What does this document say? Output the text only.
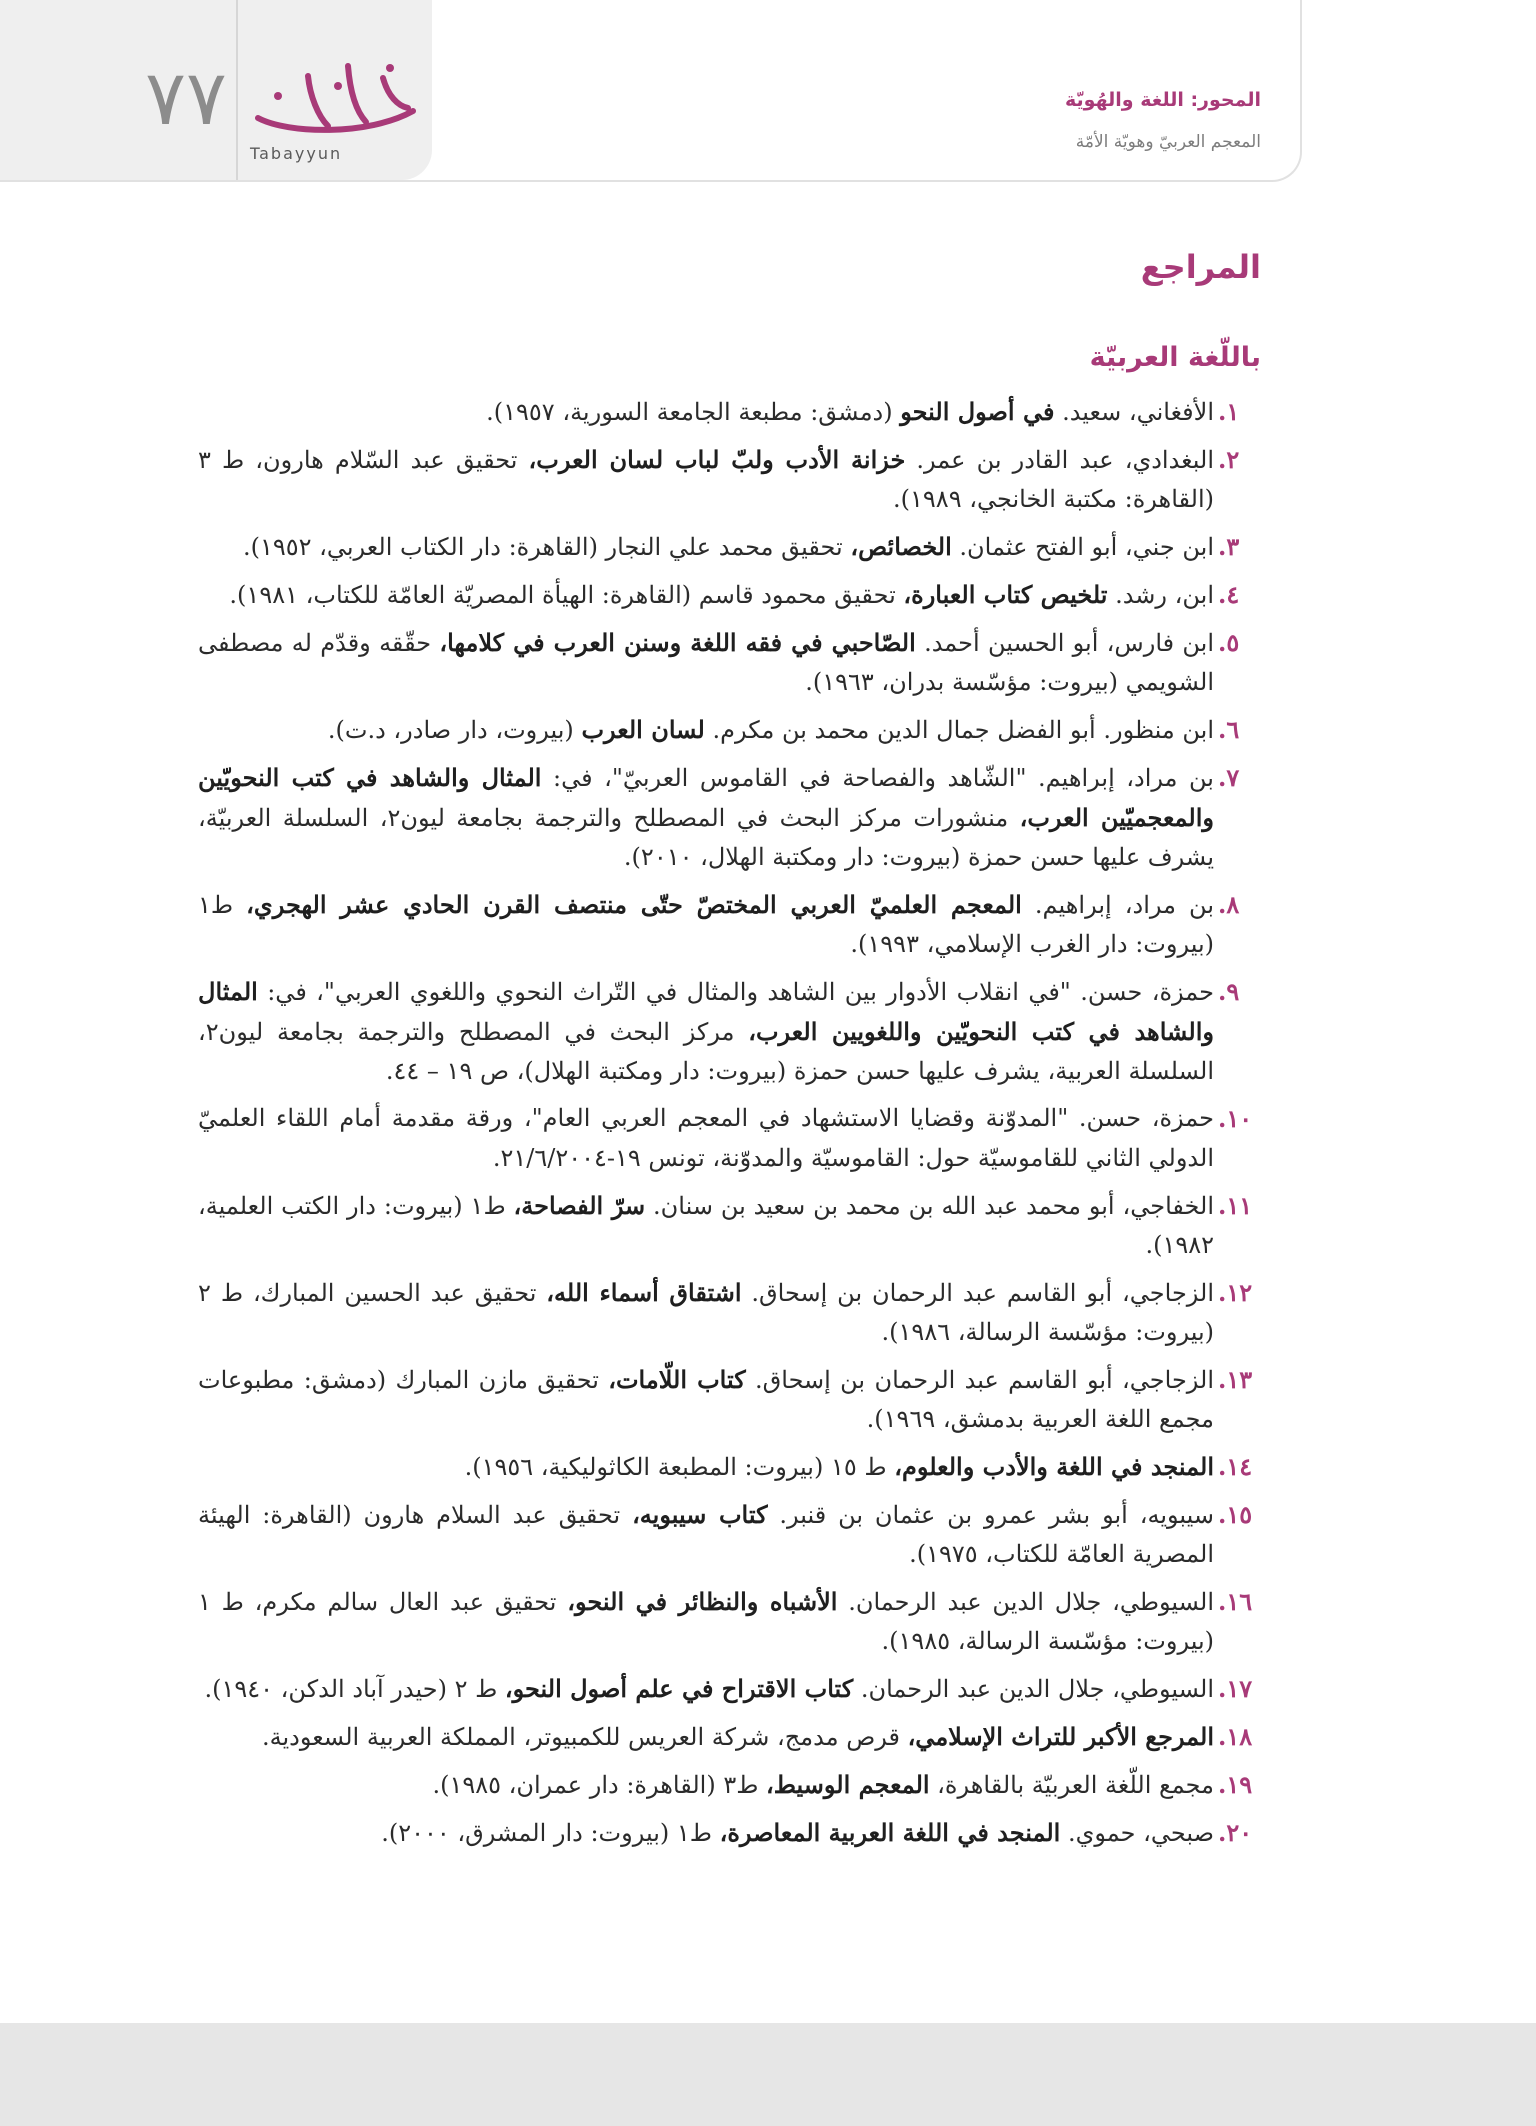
٧٧
Tabayyun
المحور: اللغة والهُويّة
المعجم العربيّ وهويّة الأمّة
المراجع
باللّغة العربيّة
١.
الأفغاني، سعيد. في أصول النحو (دمشق: مطبعة الجامعة السورية، ١٩٥٧).
٢.
البغدادي، عبد القادر بن عمر. خزانة الأدب ولبّ لباب لسان العرب، تحقيق عبد السّلام هارون، ط ٣ (القاهرة: مكتبة الخانجي، ١٩٨٩).
٣.
ابن جني، أبو الفتح عثمان. الخصائص، تحقيق محمد علي النجار (القاهرة: دار الكتاب العربي، ١٩٥٢).
٤.
ابن، رشد. تلخيص كتاب العبارة، تحقيق محمود قاسم (القاهرة: الهيأة المصريّة العامّة للكتاب، ١٩٨١).
٥.
ابن فارس، أبو الحسين أحمد. الصّاحبي في فقه اللغة وسنن العرب في كلامها، حقّقه وقدّم له مصطفى الشويمي (بيروت: مؤسّسة بدران، ١٩٦٣).
٦.
ابن منظور. أبو الفضل جمال الدين محمد بن مكرم. لسان العرب (بيروت، دار صادر، د.ت).
٧.
بن مراد، إبراهيم. "الشّاهد والفصاحة في القاموس العربيّ"، في: المثال والشاهد في كتب النحويّين والمعجميّين العرب، منشورات مركز البحث في المصطلح والترجمة بجامعة ليون٢، السلسلة العربيّة، يشرف عليها حسن حمزة (بيروت: دار ومكتبة الهلال، ٢٠١٠).
٨.
بن مراد، إبراهيم. المعجم العلميّ العربي المختصّ حتّى منتصف القرن الحادي عشر الهجري، ط١ (بيروت: دار الغرب الإسلامي، ١٩٩٣).
٩.
حمزة، حسن. "في انقلاب الأدوار بين الشاهد والمثال في التّراث النحوي واللغوي العربي"، في: المثال والشاهد في كتب النحويّين واللغويين العرب، مركز البحث في المصطلح والترجمة بجامعة ليون٢، السلسلة العربية، يشرف عليها حسن حمزة (بيروت: دار ومكتبة الهلال)، ص ١٩ – ٤٤.
١٠.
حمزة، حسن. "المدوّنة وقضايا الاستشهاد في المعجم العربي العام"، ورقة مقدمة أمام اللقاء العلميّ الدولي الثاني للقاموسيّة حول: القاموسيّة والمدوّنة، تونس ١٩-٢١/٦/٢٠٠٤.
١١.
الخفاجي، أبو محمد عبد الله بن محمد بن سعيد بن سنان. سرّ الفصاحة، ط١ (بيروت: دار الكتب العلمية، ١٩٨٢).
١٢.
الزجاجي، أبو القاسم عبد الرحمان بن إسحاق. اشتقاق أسماء الله، تحقيق عبد الحسين المبارك، ط ٢ (بيروت: مؤسّسة الرسالة، ١٩٨٦).
١٣.
الزجاجي، أبو القاسم عبد الرحمان بن إسحاق. كتاب اللّامات، تحقيق مازن المبارك (دمشق: مطبوعات مجمع اللغة العربية بدمشق، ١٩٦٩).
١٤.
المنجد في اللغة والأدب والعلوم، ط ١٥ (بيروت: المطبعة الكاثوليكية، ١٩٥٦).
١٥.
سيبويه، أبو بشر عمرو بن عثمان بن قنبر. كتاب سيبويه، تحقيق عبد السلام هارون (القاهرة: الهيئة المصرية العامّة للكتاب، ١٩٧٥).
١٦.
السيوطي، جلال الدين عبد الرحمان. الأشباه والنظائر في النحو، تحقيق عبد العال سالم مكرم، ط ١ (بيروت: مؤسّسة الرسالة، ١٩٨٥).
١٧.
السيوطي، جلال الدين عبد الرحمان. كتاب الاقتراح في علم أصول النحو، ط ٢ (حيدر آباد الدكن، ١٩٤٠).
١٨.
المرجع الأكبر للتراث الإسلامي، قرص مدمج، شركة العريس للكمبيوتر، المملكة العربية السعودية.
١٩.
مجمع اللّغة العربيّة بالقاهرة، المعجم الوسيط، ط٣ (القاهرة: دار عمران، ١٩٨٥).
٢٠.
صبحي، حموي. المنجد في اللغة العربية المعاصرة، ط١ (بيروت: دار المشرق، ٢٠٠٠).
